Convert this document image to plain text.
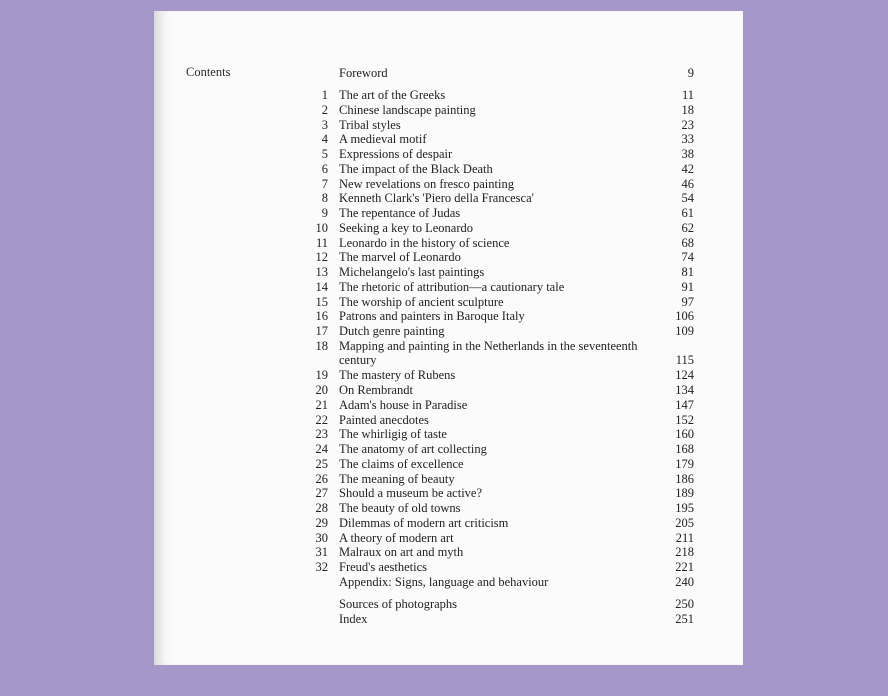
Contents	Foreword	9
1 The art of the Greeks	11
2 Chinese landscape painting	18
3 Tribal styles	23
4 A medieval motif	33
5 Expressions of despair	38
6 The impact of the Black Death	42
7 New revelations on fresco painting	46
8 Kenneth Clark's 'Piero della Francesca'	54
9 The repentance of Judas	61
10 Seeking a key to Leonardo	62
11 Leonardo in the history of science	68
12 The marvel of Leonardo	74
13 Michelangelo's last paintings	81
14 The rhetoric of attribution—a cautionary tale	91
15 The worship of ancient sculpture	97
16 Patrons and painters in Baroque Italy	106
17 Dutch genre painting	109
18 Mapping and painting in the Netherlands in the seventeenth century	115
19 The mastery of Rubens	124
20 On Rembrandt	134
21 Adam's house in Paradise	147
22 Painted anecdotes	152
23 The whirligig of taste	160
24 The anatomy of art collecting	168
25 The claims of excellence	179
26 The meaning of beauty	186
27 Should a museum be active?	189
28 The beauty of old towns	195
29 Dilemmas of modern art criticism	205
30 A theory of modern art	211
31 Malraux on art and myth	218
32 Freud's aesthetics	221
Appendix: Signs, language and behaviour	240
Sources of photographs	250
Index	251
